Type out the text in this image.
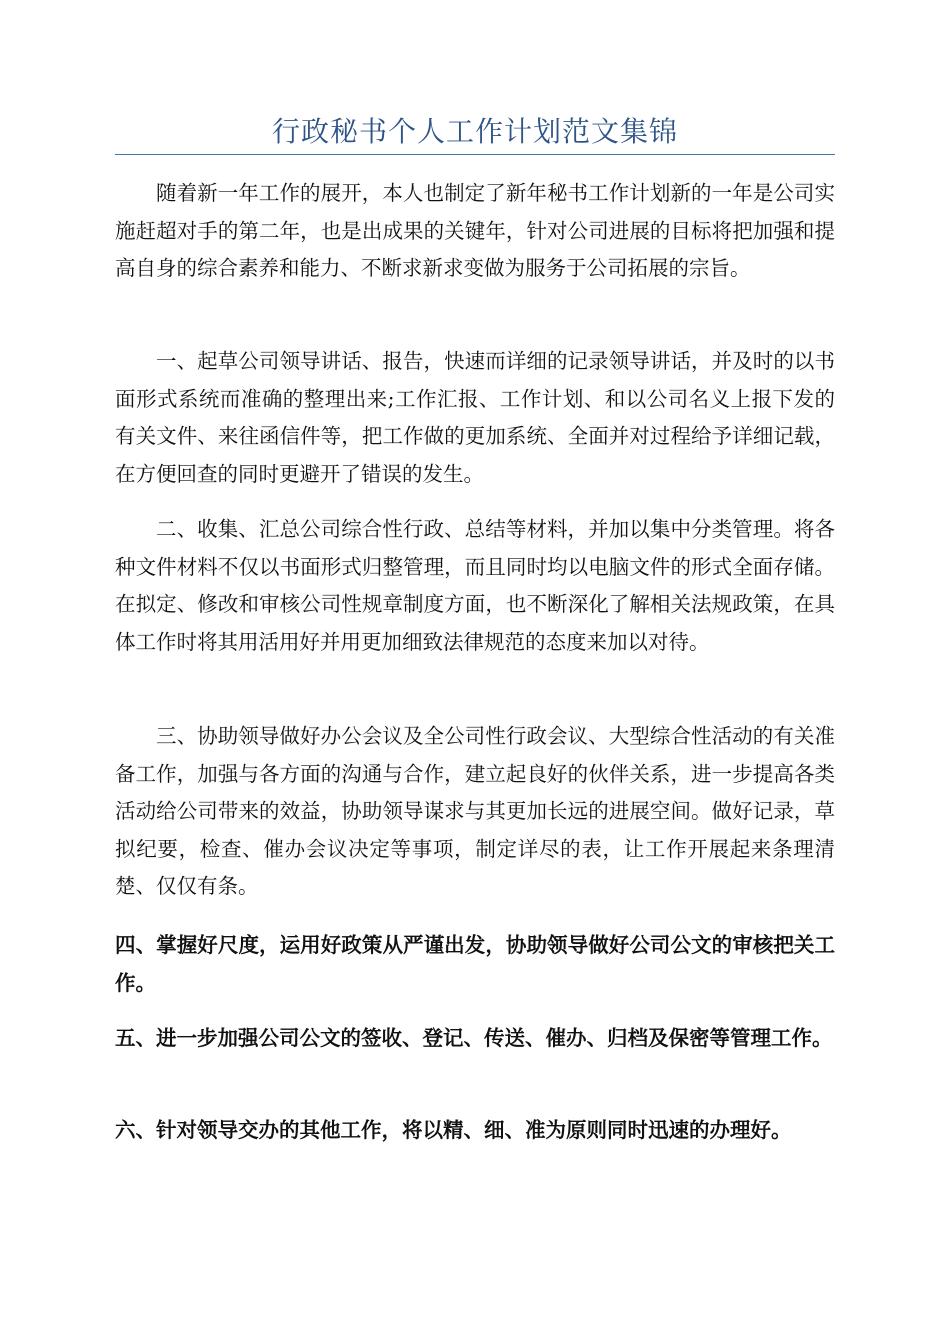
行政秘书个人工作计划范文集锦

随着新一年工作的展开，本人也制定了新年秘书工作计划新的一年是公司实施赶超对手的第二年，也是出成果的关键年，针对公司进展的目标将把加强和提高自身的综合素养和能力、不断求新求变做为服务于公司拓展的宗旨。

一、起草公司领导讲话、报告，快速而详细的记录领导讲话，并及时的以书面形式系统而准确的整理出来;工作汇报、工作计划、和以公司名义上报下发的有关文件、来往函信件等，把工作做的更加系统、全面并对过程给予详细记载，在方便回查的同时更避开了错误的发生。

二、收集、汇总公司综合性行政、总结等材料，并加以集中分类管理。将各种文件材料不仅以书面形式归整管理，而且同时均以电脑文件的形式全面存储。在拟定、修改和审核公司性规章制度方面，也不断深化了解相关法规政策，在具体工作时将其用活用好并用更加细致法律规范的态度来加以对待。

三、协助领导做好办公会议及全公司性行政会议、大型综合性活动的有关准备工作，加强与各方面的沟通与合作，建立起良好的伙伴关系，进一步提高各类活动给公司带来的效益，协助领导谋求与其更加长远的进展空间。做好记录，草拟纪要，检查、催办会议决定等事项，制定详尽的表，让工作开展起来条理清楚、仅仅有条。

四、掌握好尺度，运用好政策从严谨出发，协助领导做好公司公文的审核把关工作。

五、进一步加强公司公文的签收、登记、传送、催办、归档及保密等管理工作。

六、针对领导交办的其他工作，将以精、细、准为原则同时迅速的办理好。
